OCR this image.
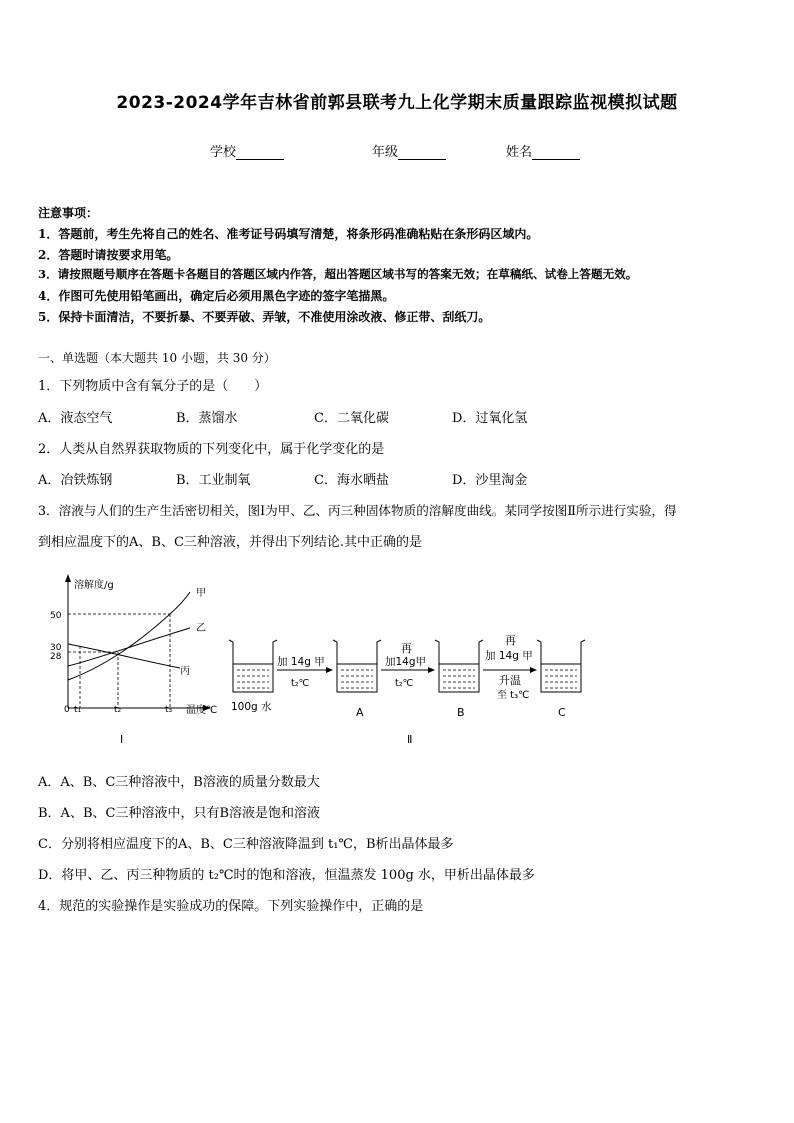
2023-2024学年吉林省前郭县联考九上化学期末质量跟踪监视模拟试题
学校	年级	姓名
注意事项：
1．答题前，考生先将自己的姓名、准考证号码填写清楚，将条形码准确粘贴在条形码区域内。
2．答题时请按要求用笔。
3．请按照题号顺序在答题卡各题目的答题区域内作答，超出答题区域书写的答案无效；在草稿纸、试卷上答题无效。
4．作图可先使用铅笔画出，确定后必须用黑色字迹的签字笔描黑。
5．保持卡面清洁，不要折暴、不要弄破、弄皱，不准使用涂改液、修正带、刮纸刀。
一、单选题（本大题共 10 小题，共 30 分）
1．下列物质中含有氧分子的是（　　）
A．液态空气	B．蒸馏水	C．二氧化碳	D．过氧化氢
2．人类从自然界获取物质的下列变化中，属于化学变化的是
A．冶铁炼钢	B．工业制氧	C．海水晒盐	D．沙里淘金
3．溶液与人们的生产生活密切相关，图Ⅰ为甲、乙、丙三种固体物质的溶解度曲线。某同学按图Ⅱ所示进行实验，得
到相应温度下的A、B、C三种溶液，并得出下列结论.其中正确的是
溶解度/g
温度℃
50
30
28
0 t₁	t₂	t₃
甲
乙
丙
Ⅰ
加 14g 甲
t₂℃
再
加14g甲
t₂℃
再
加 14g 甲
升温
至 t₃℃
100g 水	A	B	C
Ⅱ
A．A、B、C三种溶液中，B溶液的质量分数最大
B．A、B、C三种溶液中，只有B溶液是饱和溶液
C．分别将相应温度下的A、B、C三种溶液降温到 t₁℃，B析出晶体最多
D．将甲、乙、丙三种物质的 t₂℃时的饱和溶液，恒温蒸发 100g 水，甲析出晶体最多
4．规范的实验操作是实验成功的保障。下列实验操作中，正确的是
